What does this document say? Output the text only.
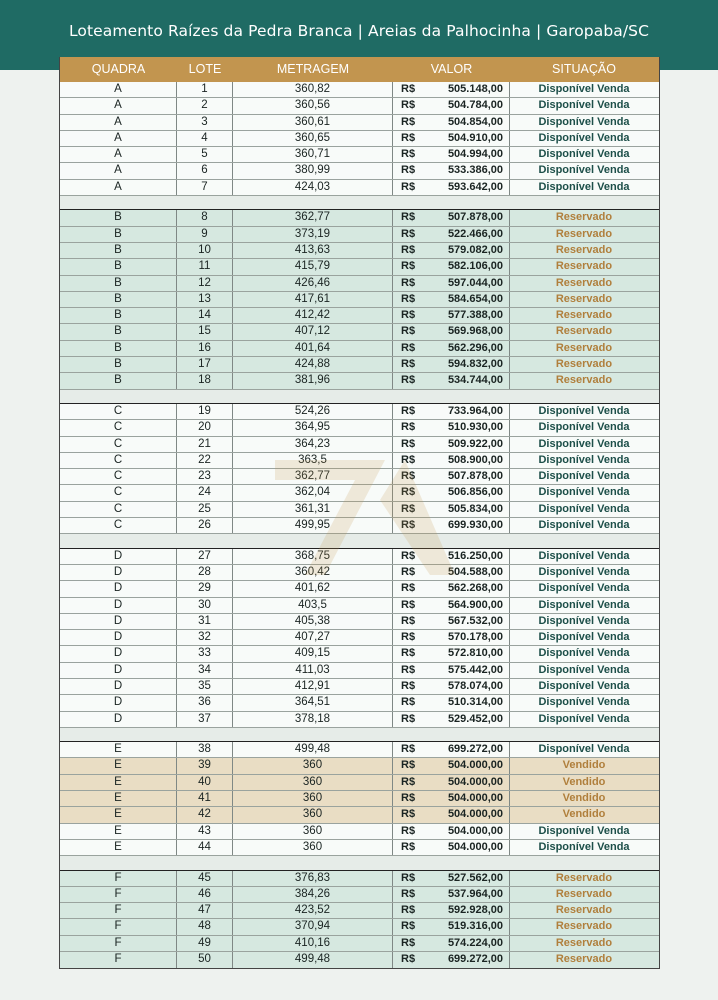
Loteamento Raízes da Pedra Branca | Areias da Palhocinha | Garopaba/SC
QUADRA	LOTE	METRAGEM	VALOR	SITUAÇÃO
A	1	360,82	R$	505.148,00	Disponível Venda
A	2	360,56	R$	504.784,00	Disponível Venda
A	3	360,61	R$	504.854,00	Disponível Venda
A	4	360,65	R$	504.910,00	Disponível Venda
A	5	360,71	R$	504.994,00	Disponível Venda
A	6	380,99	R$	533.386,00	Disponível Venda
A	7	424,03	R$	593.642,00	Disponível Venda
B	8	362,77	R$	507.878,00	Reservado
B	9	373,19	R$	522.466,00	Reservado
B	10	413,63	R$	579.082,00	Reservado
B	11	415,79	R$	582.106,00	Reservado
B	12	426,46	R$	597.044,00	Reservado
B	13	417,61	R$	584.654,00	Reservado
B	14	412,42	R$	577.388,00	Reservado
B	15	407,12	R$	569.968,00	Reservado
B	16	401,64	R$	562.296,00	Reservado
B	17	424,88	R$	594.832,00	Reservado
B	18	381,96	R$	534.744,00	Reservado
C	19	524,26	R$	733.964,00	Disponível Venda
C	20	364,95	R$	510.930,00	Disponível Venda
C	21	364,23	R$	509.922,00	Disponível Venda
C	22	363,5	R$	508.900,00	Disponível Venda
C	23	362,77	R$	507.878,00	Disponível Venda
C	24	362,04	R$	506.856,00	Disponível Venda
C	25	361,31	R$	505.834,00	Disponível Venda
C	26	499,95	R$	699.930,00	Disponível Venda
D	27	368,75	R$	516.250,00	Disponível Venda
D	28	360,42	R$	504.588,00	Disponível Venda
D	29	401,62	R$	562.268,00	Disponível Venda
D	30	403,5	R$	564.900,00	Disponível Venda
D	31	405,38	R$	567.532,00	Disponível Venda
D	32	407,27	R$	570.178,00	Disponível Venda
D	33	409,15	R$	572.810,00	Disponível Venda
D	34	411,03	R$	575.442,00	Disponível Venda
D	35	412,91	R$	578.074,00	Disponível Venda
D	36	364,51	R$	510.314,00	Disponível Venda
D	37	378,18	R$	529.452,00	Disponível Venda
E	38	499,48	R$	699.272,00	Disponível Venda
E	39	360	R$	504.000,00	Vendido
E	40	360	R$	504.000,00	Vendido
E	41	360	R$	504.000,00	Vendido
E	42	360	R$	504.000,00	Vendido
E	43	360	R$	504.000,00	Disponível Venda
E	44	360	R$	504.000,00	Disponível Venda
F	45	376,83	R$	527.562,00	Reservado
F	46	384,26	R$	537.964,00	Reservado
F	47	423,52	R$	592.928,00	Reservado
F	48	370,94	R$	519.316,00	Reservado
F	49	410,16	R$	574.224,00	Reservado
F	50	499,48	R$	699.272,00	Reservado
